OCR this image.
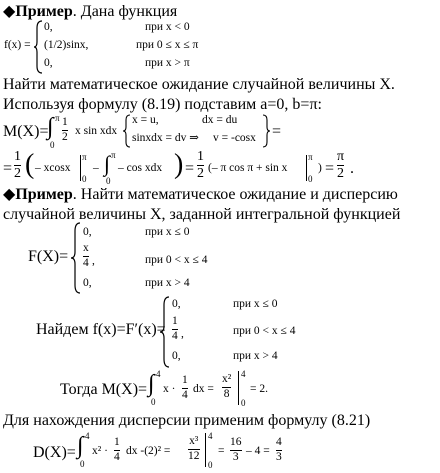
◆Пример. Дана функция
f(x) =
0,	при x < 0
(1/2)sinx,	при 0 ≤ x ≤ π
0,	при x > π
Найти математическое ожидание случайной величины X.
Используя формулу (8.19) подставим a=0, b=π:
M(X)=
∫ π
0
1
2 x sin xdx
x = u,	dx = du
sinxdx = dv ⇒ v = -cosx =
=
1
2 ( – xcosx
π
0
– ∫ π
0
– cos xdx ) =
1
2 (– π cos π + sin x
π
0
) =
π
2 .
◆Пример. Найти математическое ожидание и дисперсию
случайной величины X, заданной интегральной функцией
F(X)=
0,	при x ≤ 0
x
4 ,	при 0 < x ≤ 4
0,	при x > 4
Найдем f(x)=F′(x)=
0,	при x ≤ 0
1
4 ,	при 0 < x ≤ 4
0,	при x > 4
Тогда M(X)= ∫ 4
0
x ·
1
4 dx =
x²
8
4
0
= 2.
Для нахождения дисперсии применим формулу (8.21)
D(X)= ∫ 4
0
x² ·
1
4 dx -(2)² =
x³
12
4
0
=
16
3 – 4 =
4
3
